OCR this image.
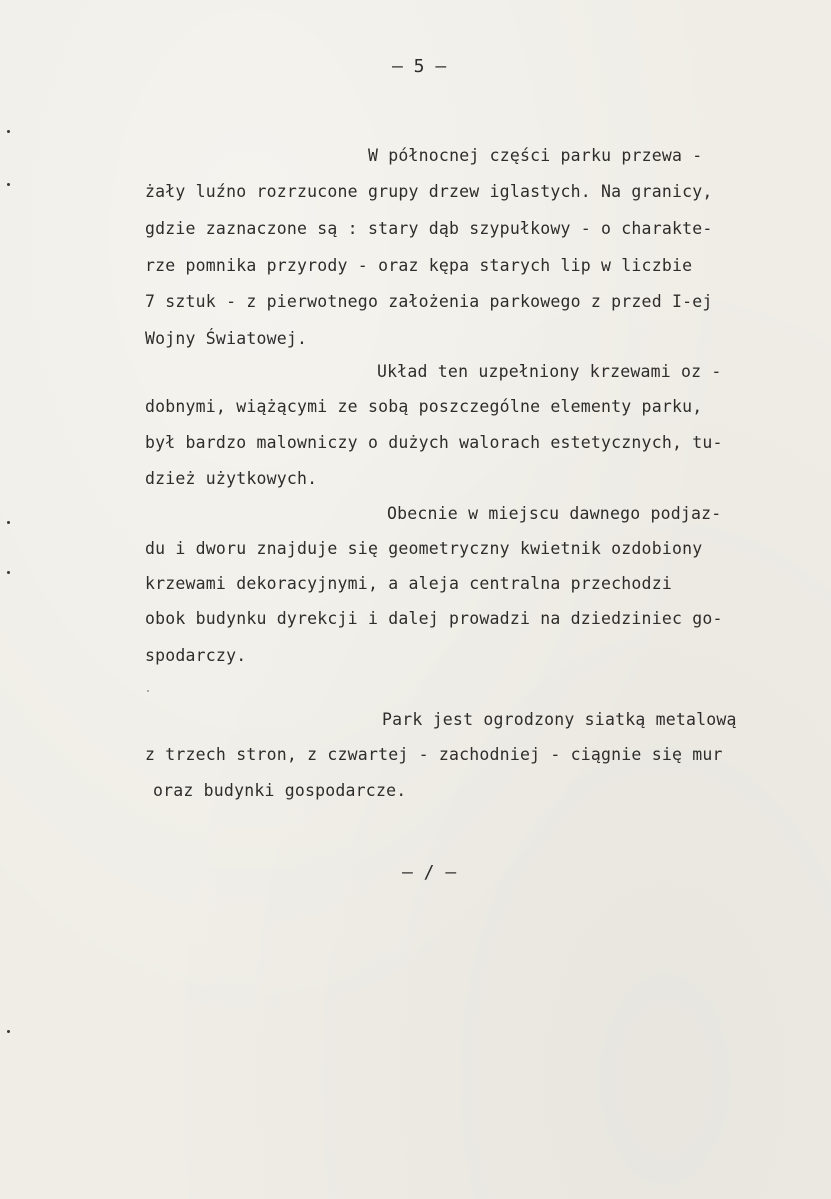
— 5 —
W północnej części parku przewa -
żały luźno rozrzucone grupy drzew iglastych. Na granicy,
gdzie zaznaczone są : stary dąb szypułkowy - o charakte-
rze pomnika przyrody - oraz kępa starych lip w liczbie
7 sztuk - z pierwotnego założenia parkowego z przed I-ej
Wojny Światowej.
Układ ten uzpełniony krzewami oz -
dobnymi, wiążącymi ze sobą poszczególne elementy parku,
był bardzo malowniczy o dużych walorach estetycznych, tu-
dzież użytkowych.
Obecnie w miejscu dawnego podjaz-
du i dworu znajduje się geometryczny kwietnik ozdobiony
krzewami dekoracyjnymi, a aleja centralna przechodzi
obok budynku dyrekcji i dalej prowadzi na dziedziniec go-
spodarczy.
Park jest ogrodzony siatką metalową
z trzech stron, z czwartej - zachodniej - ciągnie się mur
oraz budynki gospodarcze.
— / —
